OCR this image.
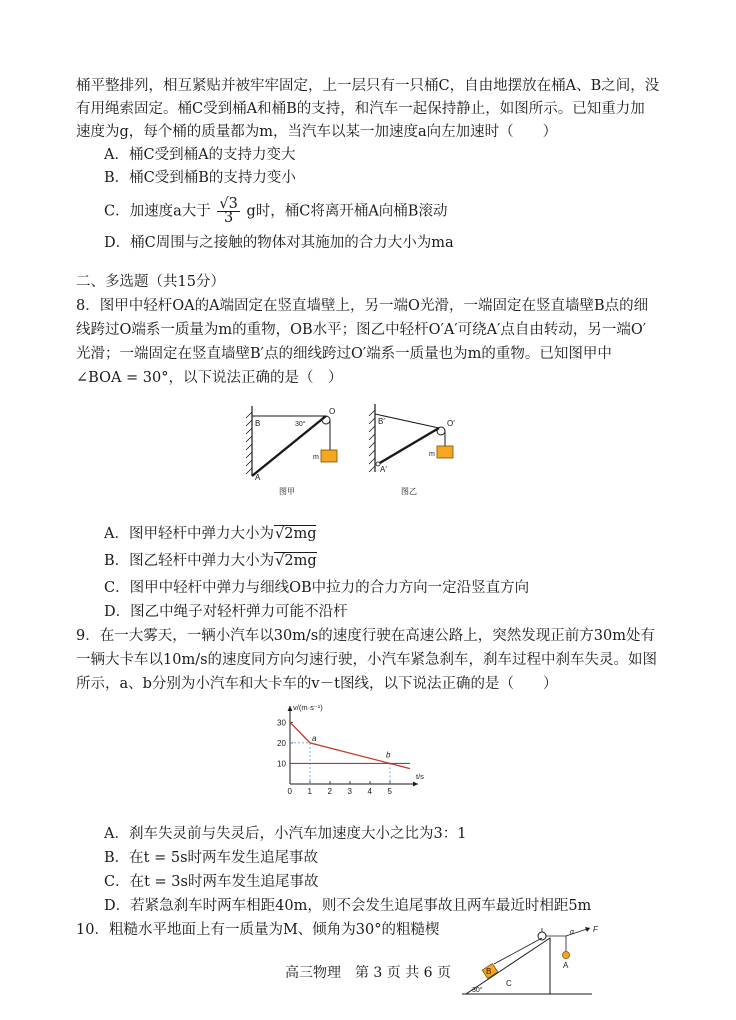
桶平整排列，相互紧贴并被牢牢固定，上一层只有一只桶C，自由地摆放在桶A、B之间，没
有用绳索固定。桶C受到桶A和桶B的支持，和汽车一起保持静止，如图所示。已知重力加
速度为g，每个桶的质量都为m，当汽车以某一加速度a向左加速时（　　）
A．桶C受到桶A的支持力变大
B．桶C受到桶B的支持力变小
C．加速度a大于 $\frac{√3}{3}$ g时，桶C将离开桶A向桶B滚动
D．桶C周围与之接触的物体对其施加的合力大小为ma
二、多选题（共15分）
8．图甲中轻杆OA的A端固定在竖直墙壁上，另一端O光滑，一端固定在竖直墙壁B点的细
线跨过O端系一质量为m的重物，OB水平；图乙中轻杆O′A′可绕A′点自由转动，另一端O′
光滑；一端固定在竖直墙壁B′点的细线跨过O′端系一质量也为m的重物。已知图甲中
∠BOA = 30°，以下说法正确的是（　）
B	30°
O
m
A
图甲
B′	O′
m
A′
图乙
A．图甲轻杆中弹力大小为√2mg
B．图乙轻杆中弹力大小为√2mg
C．图甲中轻杆中弹力与细线OB中拉力的合力方向一定沿竖直方向
D．图乙中绳子对轻杆弹力可能不沿杆
9．在一大雾天，一辆小汽车以30m/s的速度行驶在高速公路上，突然发现正前方30m处有
一辆大卡车以10m/s的速度同方向匀速行驶，小汽车紧急刹车，刹车过程中刹车失灵。如图
所示，a、b分别为小汽车和大卡车的v－t图线，以下说法正确的是（　　）
0 1 2 3 4 5
10
20
30
a
b
v/(m·s⁻¹)
t/s
A．刹车失灵前与失灵后，小汽车加速度大小之比为3：1
B．在t = 5s时两车发生追尾事故
C．在t = 3s时两车发生追尾事故
D．若紧急刹车时两车相距40m，则不会发生追尾事故且两车最近时相距5m
10．粗糙水平地面上有一质量为M、倾角为30°的粗糙楔
B
C
30°
α F
A
高三物理　第 3 页 共 6 页
